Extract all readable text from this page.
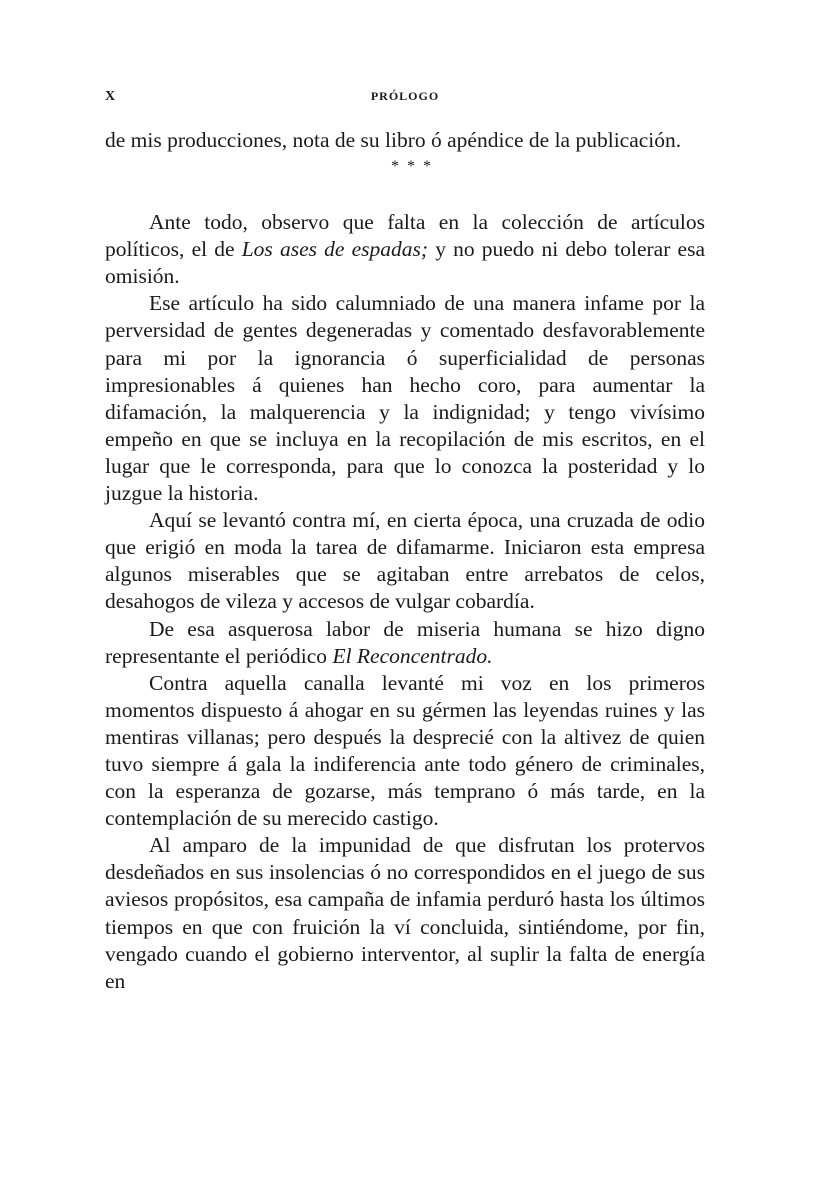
X	PRÓLOGO

de mis producciones, nota de su libro ó apéndice de la publicación.

* * *

Ante todo, observo que falta en la colección de artículos políticos, el de Los ases de espadas; y no puedo ni debo tolerar esa omisión.

Ese artículo ha sido calumniado de una manera infame por la perversidad de gentes degeneradas y comentado desfavorablemente para mi por la ignorancia ó superficialidad de personas impresionables á quienes han hecho coro, para aumentar la difamación, la malquerencia y la indignidad; y tengo vivísimo empeño en que se incluya en la recopilación de mis escritos, en el lugar que le corresponda, para que lo conozca la posteridad y lo juzgue la historia.

Aquí se levantó contra mí, en cierta época, una cruzada de odio que erigió en moda la tarea de difamarme. Iniciaron esta empresa algunos miserables que se agitaban entre arrebatos de celos, desahogos de vileza y accesos de vulgar cobardía.

De esa asquerosa labor de miseria humana se hizo digno representante el periódico El Reconcentrado.

Contra aquella canalla levanté mi voz en los primeros momentos dispuesto á ahogar en su gérmen las leyendas ruines y las mentiras villanas; pero después la desprecié con la altivez de quien tuvo siempre á gala la indiferencia ante todo género de criminales, con la esperanza de gozarse, más temprano ó más tarde, en la contemplación de su merecido castigo.

Al amparo de la impunidad de que disfrutan los protervos desdeñados en sus insolencias ó no correspondidos en el juego de sus aviesos propósitos, esa campaña de infamia perduró hasta los últimos tiempos en que con fruición la ví concluida, sintiéndome, por fin, vengado cuando el gobierno interventor, al suplir la falta de energía en
